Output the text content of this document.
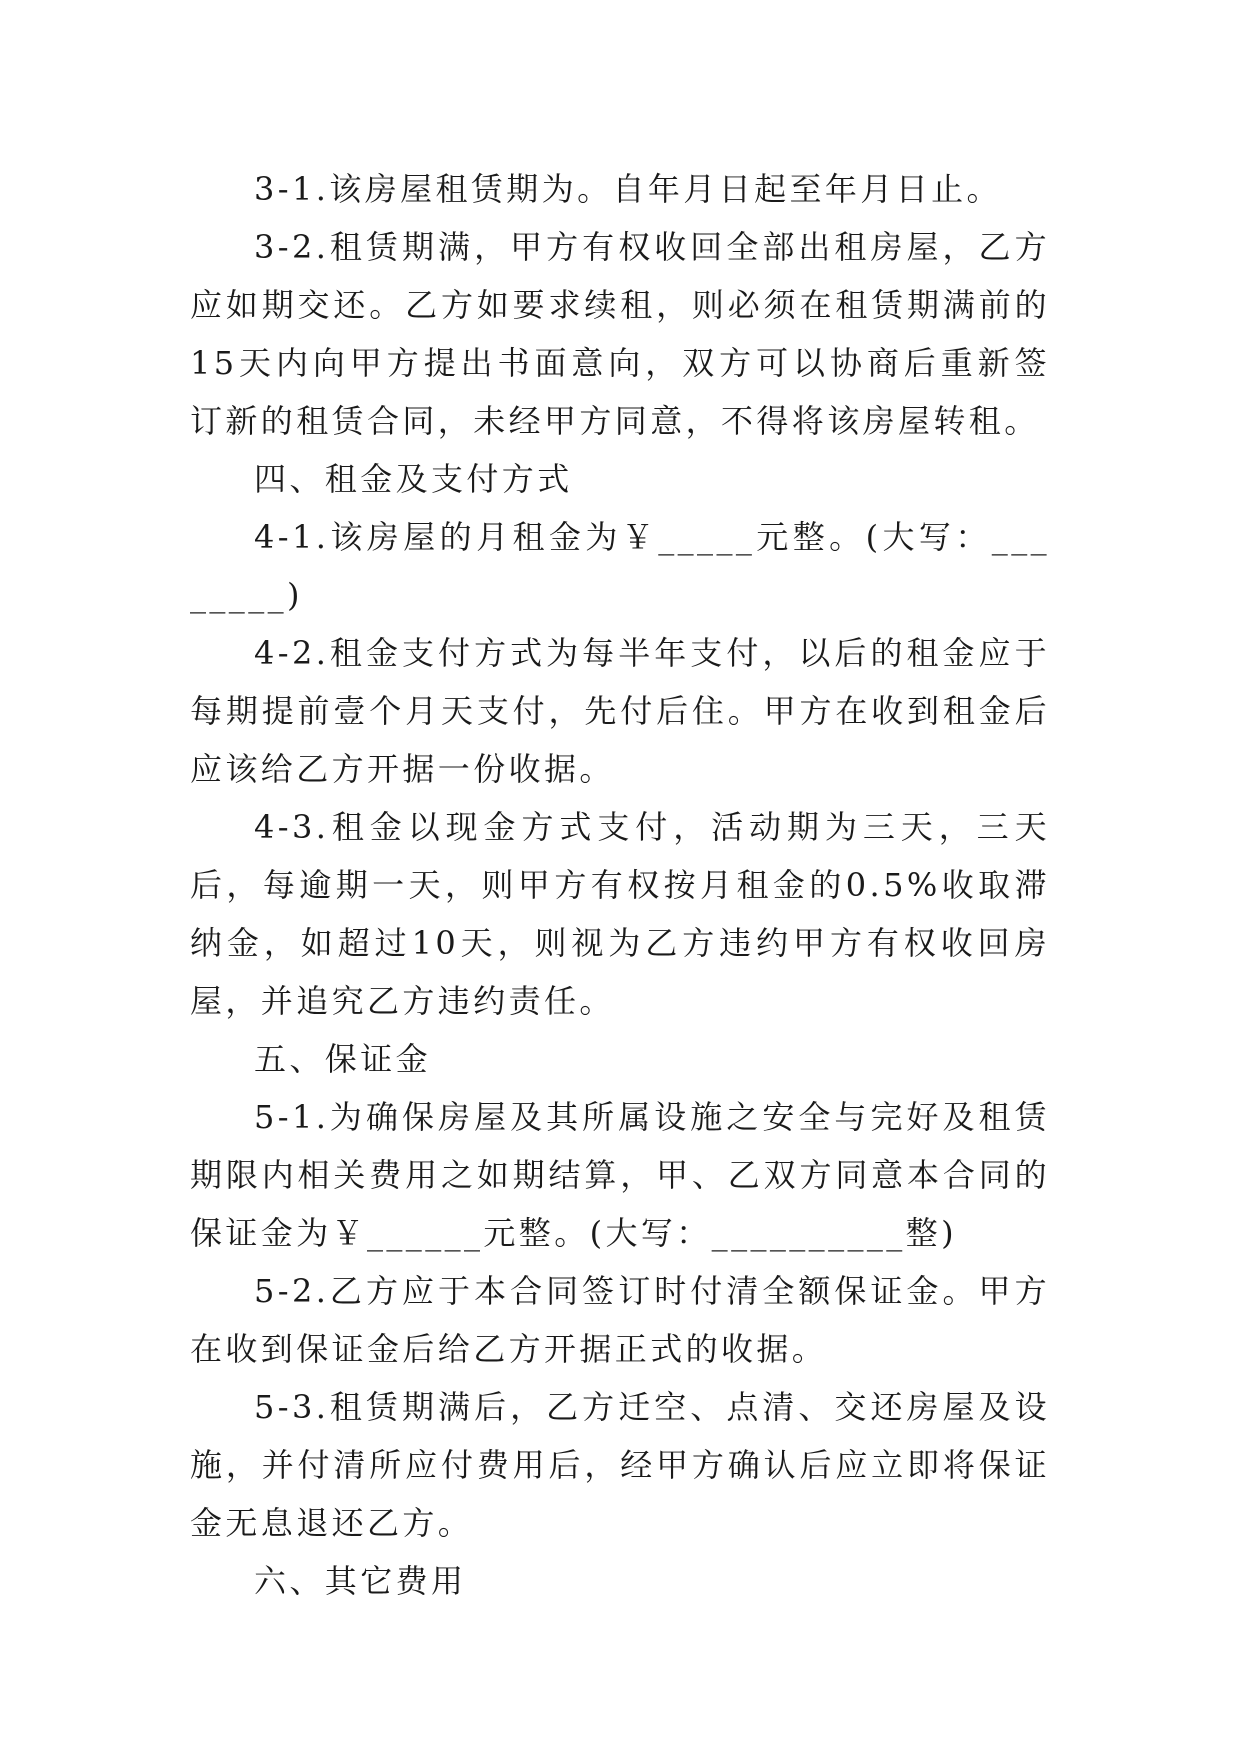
3-1.该房屋租赁期为。自年月日起至年月日止。

3-2.租赁期满，甲方有权收回全部出租房屋，乙方应如期交还。乙方如要求续租，则必须在租赁期满前的15天内向甲方提出书面意向，双方可以协商后重新签订新的租赁合同，未经甲方同意，不得将该房屋转租。

四、租金及支付方式

4-1.该房屋的月租金为￥_____元整。(大写：________)

4-2.租金支付方式为每半年支付，以后的租金应于每期提前壹个月天支付，先付后住。甲方在收到租金后应该给乙方开据一份收据。

4-3.租金以现金方式支付，活动期为三天，三天后，每逾期一天，则甲方有权按月租金的0.5%收取滞纳金，如超过10天，则视为乙方违约甲方有权收回房屋，并追究乙方违约责任。

五、保证金

5-1.为确保房屋及其所属设施之安全与完好及租赁期限内相关费用之如期结算，甲、乙双方同意本合同的保证金为￥______元整。(大写：__________整)

5-2.乙方应于本合同签订时付清全额保证金。甲方在收到保证金后给乙方开据正式的收据。

5-3.租赁期满后，乙方迁空、点清、交还房屋及设施，并付清所应付费用后，经甲方确认后应立即将保证金无息退还乙方。

六、其它费用
